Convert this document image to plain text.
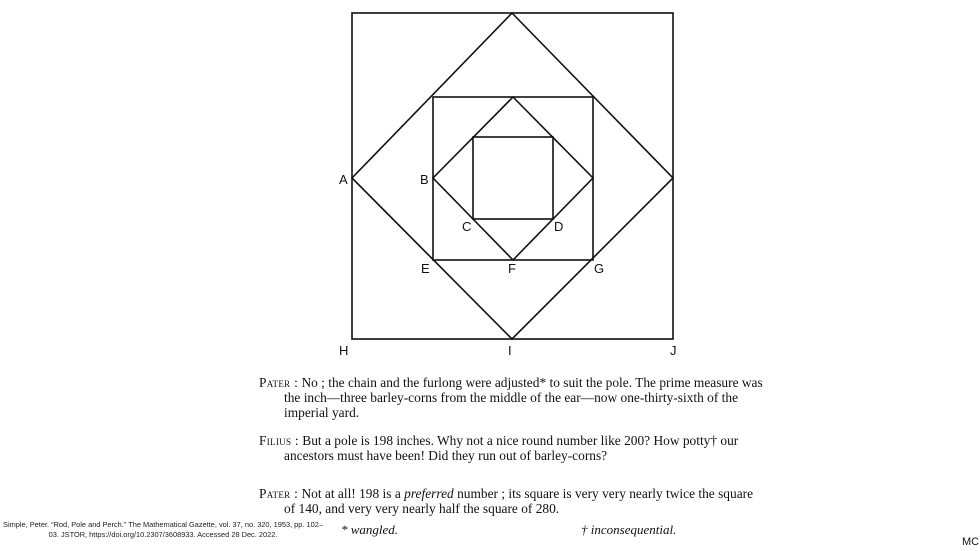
A	B
C	D
E	F	G
H	I	J

Pater : No ; the chain and the furlong were adjusted* to suit the pole. The prime measure was the inch—three barley-corns from the middle of the ear—now one-thirty-sixth of the imperial yard.

Filius : But a pole is 198 inches. Why not a nice round number like 200? How potty† our ancestors must have been! Did they run out of barley-corns?

Pater : Not at all! 198 is a preferred number ; its square is very very nearly twice the square of 140, and very very nearly half the square of 280.

* wangled.	† inconsequential.
Simple, Peter. “Rod, Pole and Perch.” The Mathematical Gazette, vol. 37, no. 320, 1953, pp. 102–03. JSTOR, https://doi.org/10.2307/3608933. Accessed 28 Dec. 2022.
MC
